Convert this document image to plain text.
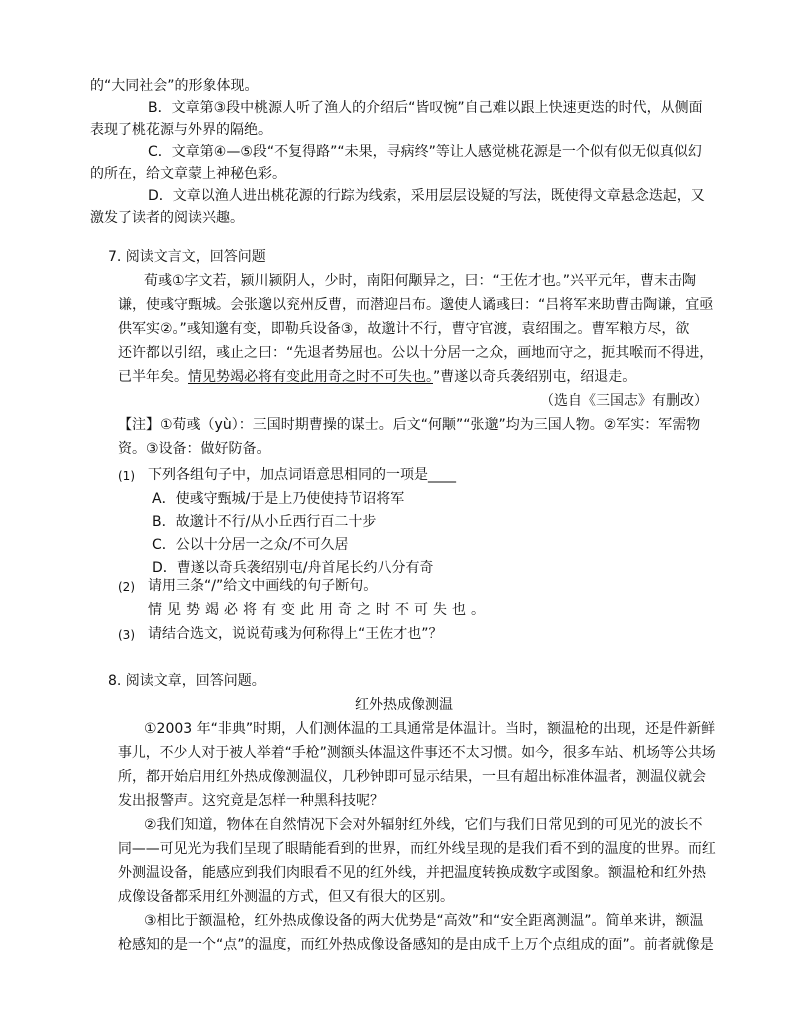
的“大同社会”的形象体现。
B．文章第③段中桃源人听了渔人的介绍后“皆叹惋”自己难以跟上快速更迭的时代，从侧面
表现了桃花源与外界的隔绝。
C．文章第④—⑤段“不复得路”“未果，寻病终”等让人感觉桃花源是一个似有似无似真似幻
的所在，给文章蒙上神秘色彩。
D．文章以渔人进出桃花源的行踪为线索，采用层层设疑的写法，既使得文章悬念迭起，又
激发了读者的阅读兴趣。
7. 阅读文言文，回答问题
荀彧①字文若，颍川颍阴人，少时，南阳何颙异之，曰：“王佐才也。”兴平元年，曹末击陶
谦，使彧守甄城。会张邈以兖州反曹，而潜迎吕布。邈使人谲彧曰：“吕将军来助曹击陶谦，宜亟
供军实②。”彧知邈有变，即勒兵设备③，故邈计不行，曹守官渡，袁绍围之。曹军粮方尽，欲
还许都以引绍，彧止之曰：“先退者势屈也。公以十分居一之众，画地而守之，扼其喉而不得进，
已半年矣。情见势竭必将有变此用奇之时不可失也。”曹遂以奇兵袭绍别屯，绍退走。
（选自《三国志》有删改）
【注】①荀彧（yù）：三国时期曹操的谋士。后文“何颙”“张邈”均为三国人物。②军实：军需物
资。③设备：做好防备。
(1) 下列各组句子中，加点词语意思相同的一项是____
A．使彧守甄城/于是上乃使使持节诏将军
B．故邈计不行/从小丘西行百二十步
C．公以十分居一之众/不可久居
D．曹遂以奇兵袭绍别屯/舟首尾长约八分有奇
(2) 请用三条“/”给文中画线的句子断句。
情见势竭必将有变此用奇之时不可失也。
(3) 请结合选文，说说荀彧为何称得上“王佐才也”？
8. 阅读文章，回答问题。
红外热成像测温
①2003 年“非典”时期，人们测体温的工具通常是体温计。当时，额温枪的出现，还是件新鲜
事儿，不少人对于被人举着“手枪”测额头体温这件事还不太习惯。如今，很多车站、机场等公共场
所，都开始启用红外热成像测温仪，几秒钟即可显示结果，一旦有超出标准体温者，测温仪就会
发出报警声。这究竟是怎样一种黑科技呢？
②我们知道，物体在自然情况下会对外辐射红外线，它们与我们日常见到的可见光的波长不
同——可见光为我们呈现了眼睛能看到的世界，而红外线呈现的是我们看不到的温度的世界。而红
外测温设备，能感应到我们肉眼看不见的红外线，并把温度转换成数字或图象。额温枪和红外热
成像设备都采用红外测温的方式，但又有很大的区别。
③相比于额温枪，红外热成像设备的两大优势是“高效”和“安全距离测温”。简单来讲，额温
枪感知的是一个“点”的温度，而红外热成像设备感知的是由成千上万个点组成的面”。前者就像是
